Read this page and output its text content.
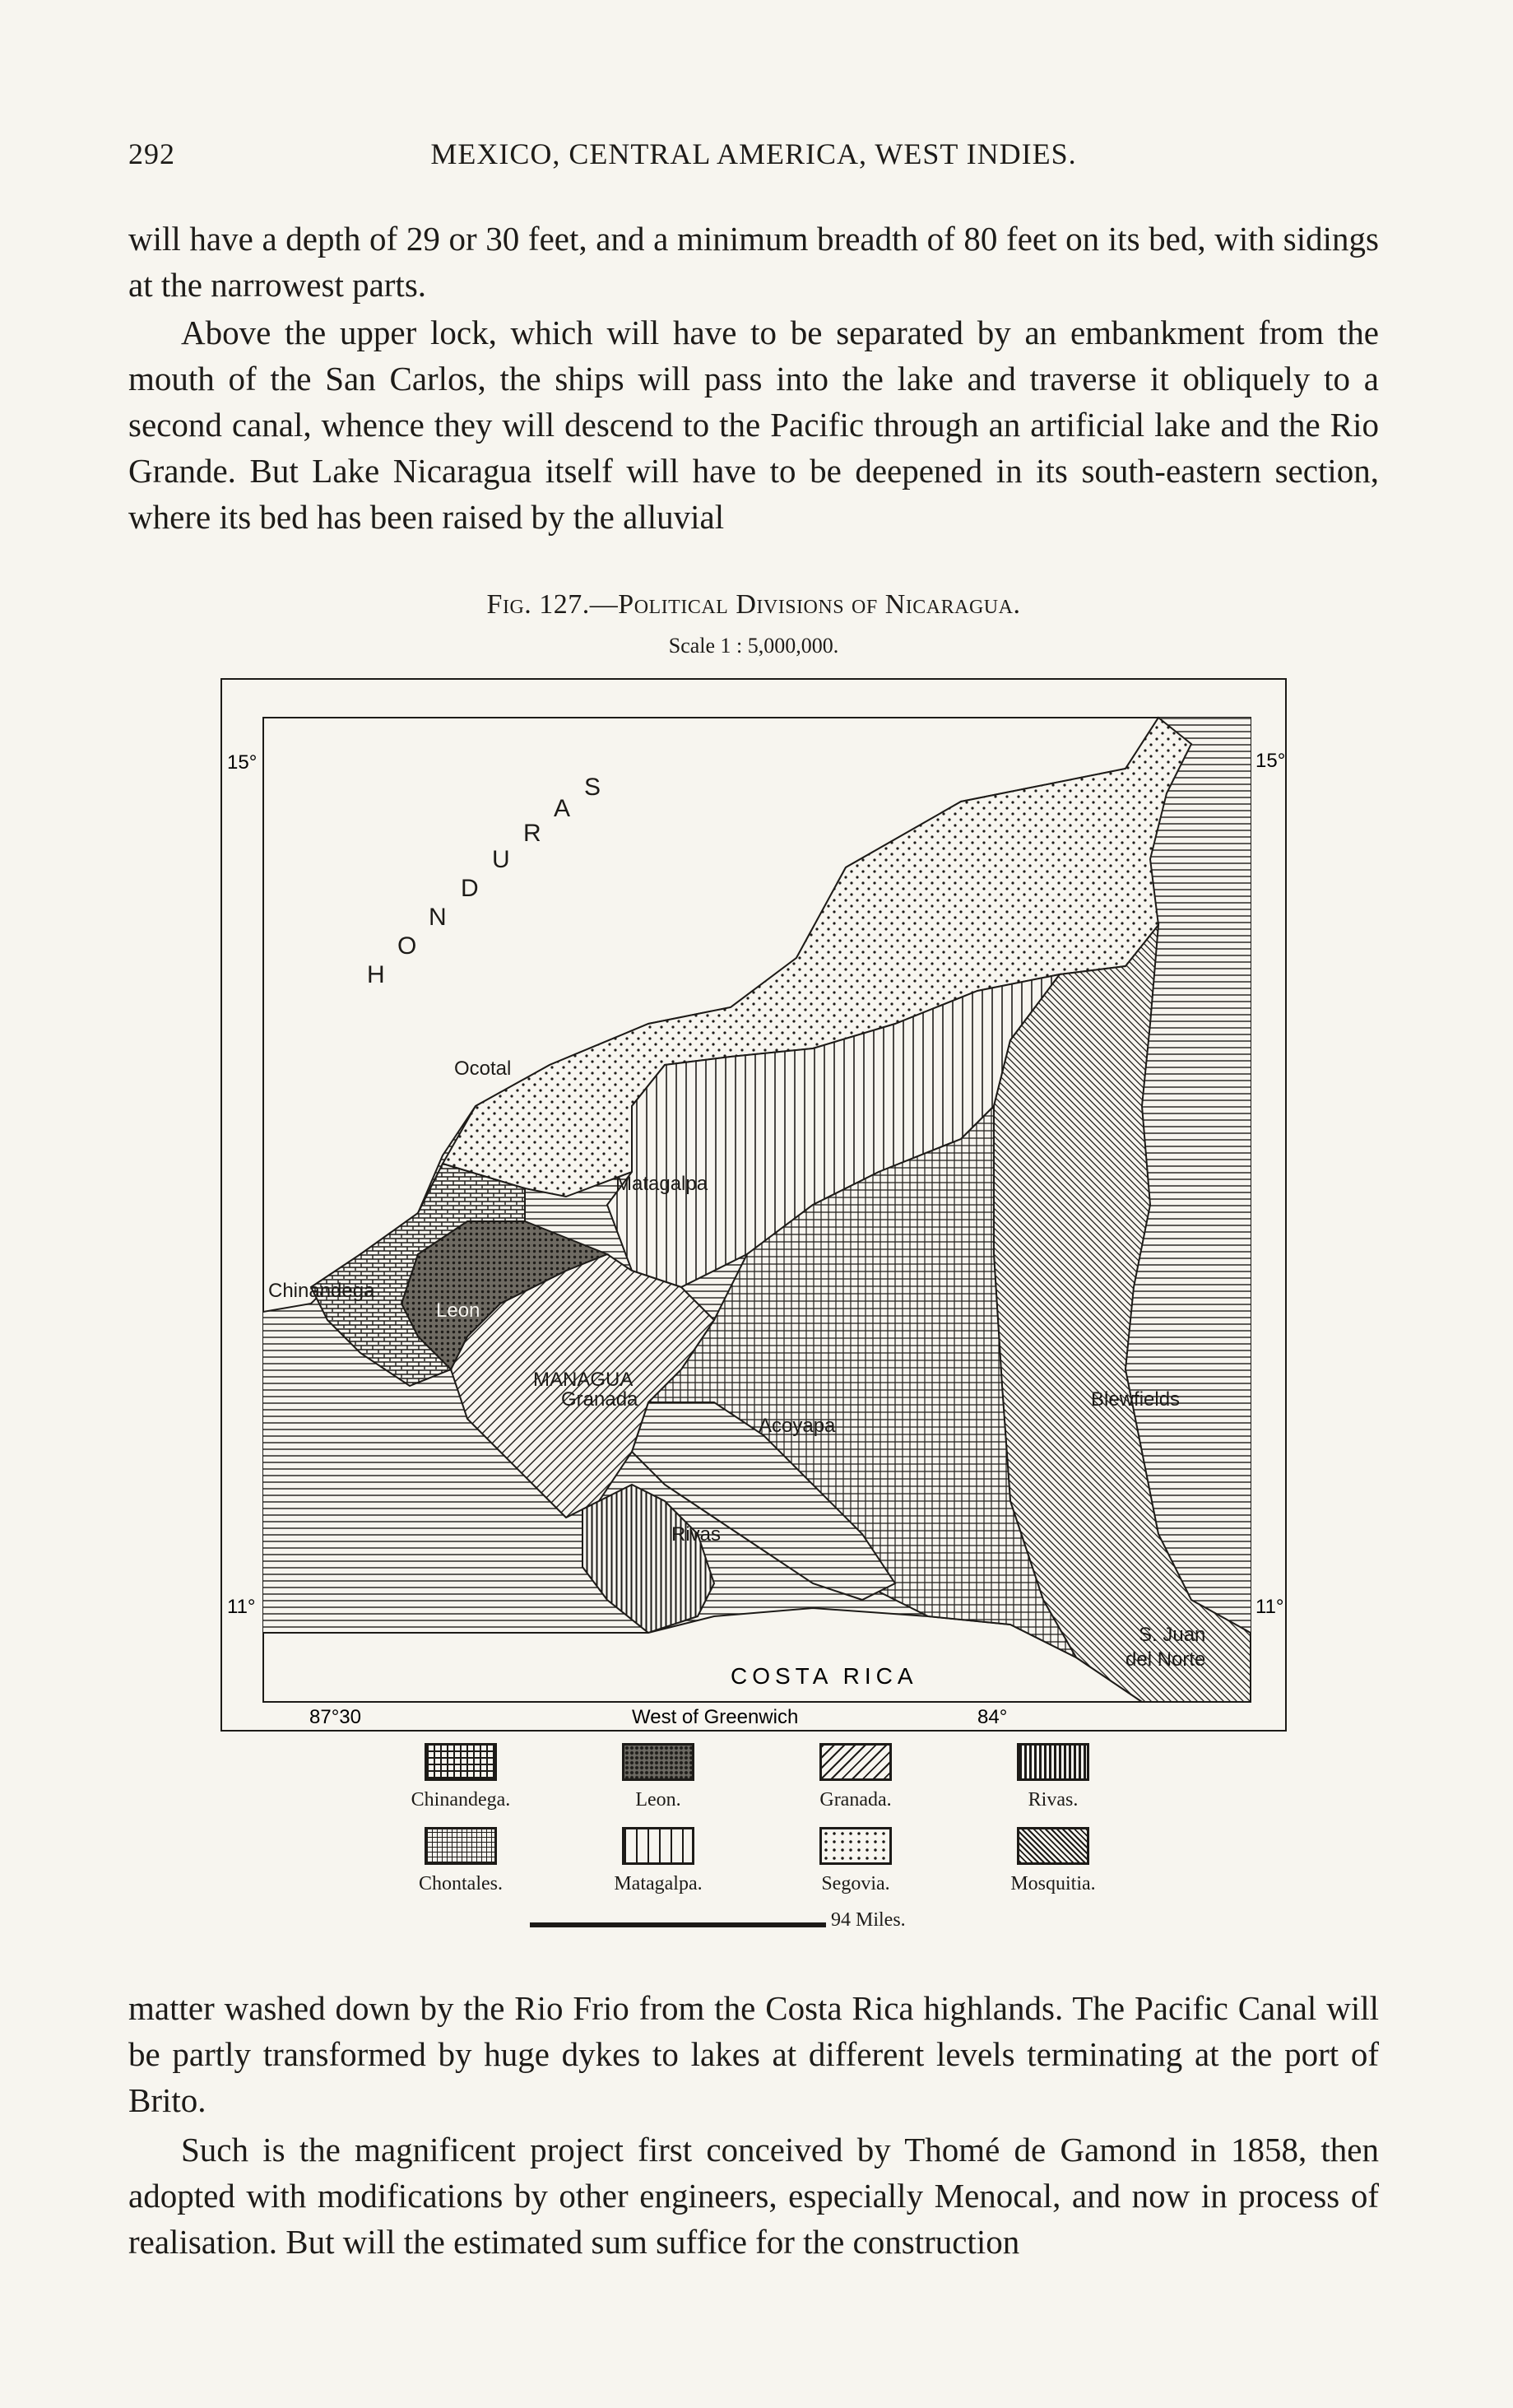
292	MEXICO, CENTRAL AMERICA, WEST INDIES.

will have a depth of 29 or 30 feet, and a minimum breadth of 80 feet on its bed, with sidings at the narrowest parts.

Above the upper lock, which will have to be separated by an embankment from the mouth of the San Carlos, the ships will pass into the lake and traverse it obliquely to a second canal, whence they will descend to the Pacific through an artificial lake and the Rio Grande. But Lake Nicaragua itself will have to be deepened in its south-eastern section, where its bed has been raised by the alluvial

Fig. 127.—Political Divisions of Nicaragua.
Scale 1 : 5,000,000.
15°	15°
11°	11°
87°30	West of Greenwich	84°
H
O
N
D
U
R
A
S
COSTA RICA
Ocotal
Matagalpa
Chinandega
Leon
MANAGUA
Granada
Acoyapa
Rivas
Blewfields
S. Juan
del Norte
Chinandega.	Leon.	Granada.	Rivas.
Chontales.	Matagalpa.	Segovia.	Mosquitia.
94 Miles.

matter washed down by the Rio Frio from the Costa Rica highlands. The Pacific Canal will be partly transformed by huge dykes to lakes at different levels terminating at the port of Brito.

Such is the magnificent project first conceived by Thomé de Gamond in 1858, then adopted with modifications by other engineers, especially Menocal, and now in process of realisation. But will the estimated sum suffice for the construction
